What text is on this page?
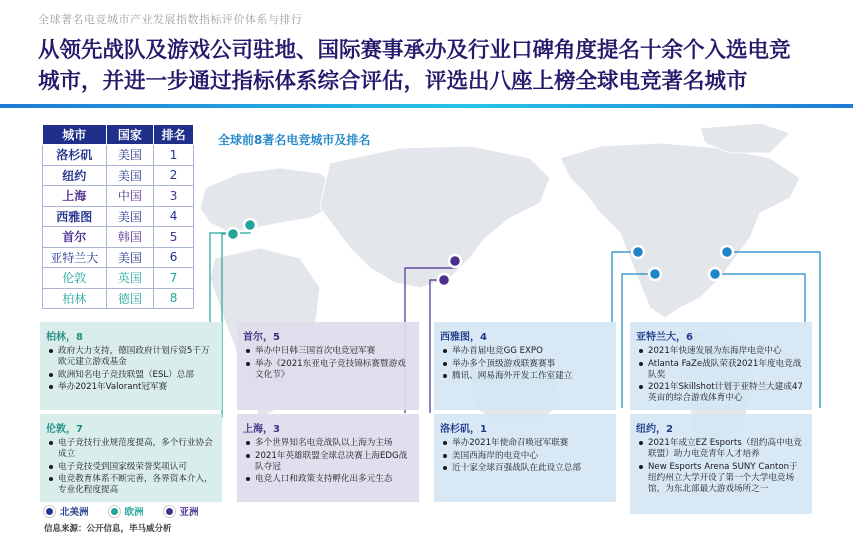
全球著名电竞城市产业发展指数指标评价体系与排行
从领先战队及游戏公司驻地、国际赛事承办及行业口碑角度提名十余个入选电竞
城市，并进一步通过指标体系综合评估，评选出八座上榜全球电竞著名城市
城市	国家	排名
洛杉矶	美国	1
纽约	美国	2
上海	中国	3
西雅图	美国	4
首尔	韩国	5
亚特兰大	美国	6
伦敦	英国	7
柏林	德国	8
全球前8著名电竞城市及排名
柏林，8
政府大力支持，德国政府计划斥资5千万欧元建立游戏基金
欧洲知名电子竞技联盟（ESL）总部
举办2021年Valorant冠军赛
伦敦，7
电子竞技行业规范度提高，多个行业协会成立
电子竞技受到国家级荣誉奖项认可
电竞教育体系不断完善，各界资本介入，专业化程度提高
首尔，5
举办中日韩三国首次电竞冠军赛
举办《2021东亚电子竞技锦标赛暨游戏文化节》
上海，3
多个世界知名电竞战队以上海为主场
2021年英雄联盟全球总决赛上海EDG战队夺冠
电竞人口和政策支持孵化出多元生态
西雅图，4
举办首届电竞GG EXPO
举办多个顶级游戏联赛赛事
腾讯、网易海外开发工作室建立
洛杉矶，1
举办2021年使命召唤冠军联赛
美国西海岸的电竞中心
近十家全球百强战队在此设立总部
亚特兰大，6
2021年快速发展为东海岸电竞中心
Atlanta FaZe战队荣获2021年度电竞战队奖
2021年Skillshot计划于亚特兰大建成47英亩的综合游戏体育中心
纽约，2
2021年成立EZ Esports（纽约高中电竞联盟）助力电竞青年人才培养
New Esports Arena SUNY Canton于纽约州立大学开设了第一个大学电竞场馆，为东北部最大游戏场所之一
北美洲	欧洲	亚洲
信息来源：公开信息，毕马威分析
